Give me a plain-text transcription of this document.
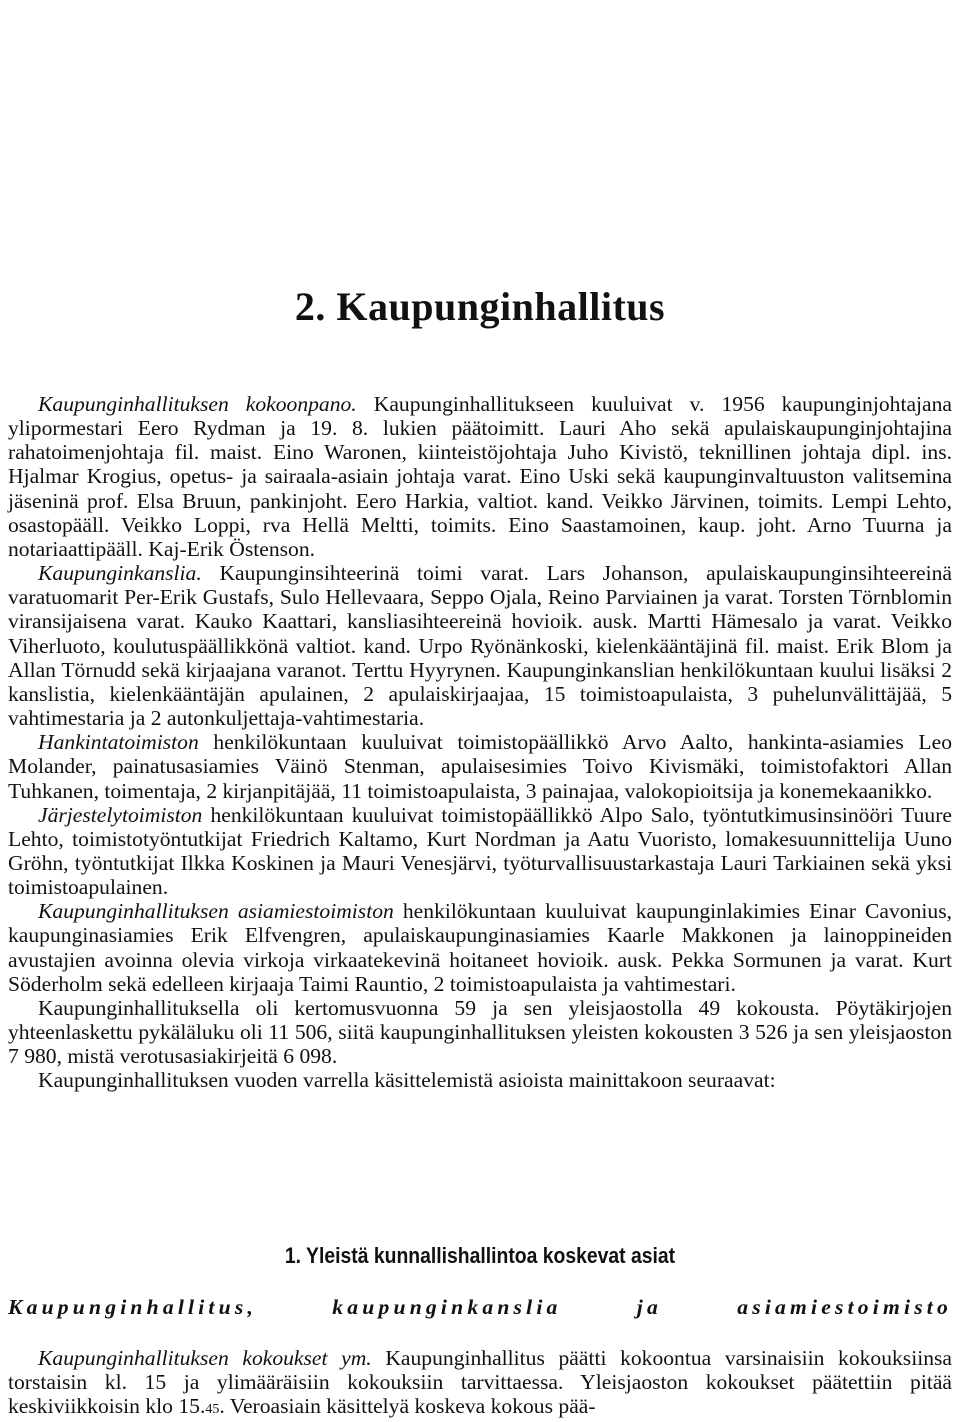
2. Kaupunginhallitus

Kaupunginhallituksen kokoonpano. Kaupunginhallitukseen kuuluivat v. 1956 kaupunginjohtajana ylipormestari Eero Rydman ja 19. 8. lukien päätoimitt. Lauri Aho sekä apulaiskaupunginjohtajina rahatoimenjohtaja fil. maist. Eino Waronen, kiinteistöjohtaja Juho Kivistö, teknillinen johtaja dipl. ins. Hjalmar Krogius, opetus- ja sairaala-asiain johtaja varat. Eino Uski sekä kaupunginvaltuuston valitsemina jäseninä prof. Elsa Bruun, pankinjoht. Eero Harkia, valtiot. kand. Veikko Järvinen, toimits. Lempi Lehto, osastopääll. Veikko Loppi, rva Hellä Meltti, toimits. Eino Saastamoinen, kaup. joht. Arno Tuurna ja notariaattipääll. Kaj-Erik Östenson.

Kaupunginkanslia. Kaupunginsihteerinä toimi varat. Lars Johanson, apulaiskaupunginsihteereinä varatuomarit Per-Erik Gustafs, Sulo Hellevaara, Seppo Ojala, Reino Parviainen ja varat. Torsten Törnblomin viransijaisena varat. Kauko Kaattari, kansliasihteereinä hovioik. ausk. Martti Hämesalo ja varat. Veikko Viherluoto, koulutuspäällikkönä valtiot. kand. Urpo Ryönänkoski, kielenkääntäjinä fil. maist. Erik Blom ja Allan Törnudd sekä kirjaajana varanot. Terttu Hyyrynen. Kaupunginkanslian henkilökuntaan kuului lisäksi 2 kanslistia, kielenkääntäjän apulainen, 2 apulaiskirjaajaa, 15 toimistoapulaista, 3 puhelunvälittäjää, 5 vahtimestaria ja 2 autonkuljettaja-vahtimestaria.

Hankintatoimiston henkilökuntaan kuuluivat toimistopäällikkö Arvo Aalto, hankinta-asiamies Leo Molander, painatusasiamies Väinö Stenman, apulaisesimies Toivo Kivismäki, toimistofaktori Allan Tuhkanen, toimentaja, 2 kirjanpitäjää, 11 toimistoapulaista, 3 painajaa, valokopioitsija ja konemekaanikko.

Järjestelytoimiston henkilökuntaan kuuluivat toimistopäällikkö Alpo Salo, työntutkimusinsinööri Tuure Lehto, toimistotyöntutkijat Friedrich Kaltamo, Kurt Nordman ja Aatu Vuoristo, lomakesuunnittelija Uuno Gröhn, työntutkijat Ilkka Koskinen ja Mauri Venesjärvi, työturvallisuustarkastaja Lauri Tarkiainen sekä yksi toimistoapulainen.

Kaupunginhallituksen asiamiestoimiston henkilökuntaan kuuluivat kaupunginlakimies Einar Cavonius, kaupunginasiamies Erik Elfvengren, apulaiskaupunginasiamies Kaarle Makkonen ja lainoppineiden avustajien avoinna olevia virkoja virkaatekevinä hoitaneet hovioik. ausk. Pekka Sormunen ja varat. Kurt Söderholm sekä edelleen kirjaaja Taimi Rauntio, 2 toimistoapulaista ja vahtimestari.

Kaupunginhallituksella oli kertomusvuonna 59 ja sen yleisjaostolla 49 kokousta. Pöytäkirjojen yhteenlaskettu pykäläluku oli 11 506, siitä kaupunginhallituksen yleisten kokousten 3 526 ja sen yleisjaoston 7 980, mistä verotusasiakirjeitä 6 098.

Kaupunginhallituksen vuoden varrella käsittelemistä asioista mainittakoon seuraavat:

1. Yleistä kunnallishallintoa koskevat asiat
Kaupunginhallitus, kaupunginkanslia ja asiamiestoimisto

Kaupunginhallituksen kokoukset ym. Kaupunginhallitus päätti kokoontua varsinaisiin kokouksiinsa torstaisin kl. 15 ja ylimääräisiin kokouksiin tarvittaessa. Yleisjaoston kokoukset päätettiin pitää keskiviikkoisin klo 15.45. Veroasiain käsittelyä koskeva kokous pää-
